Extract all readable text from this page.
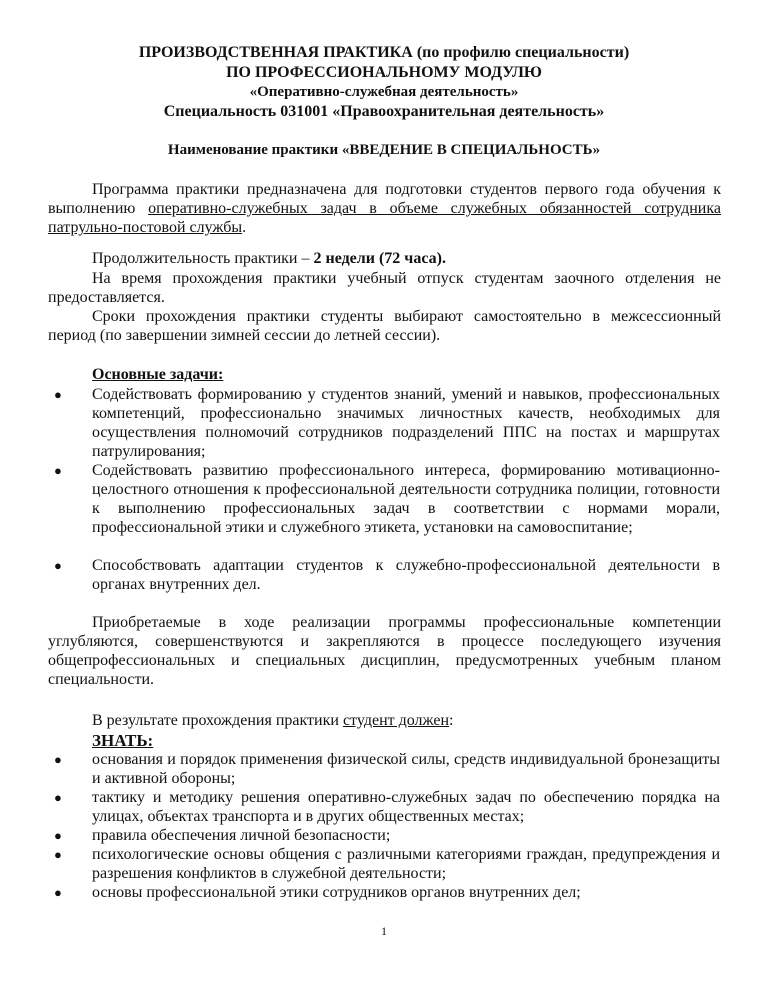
ПРОИЗВОДСТВЕННАЯ ПРАКТИКА (по профилю специальности)
ПО ПРОФЕССИОНАЛЬНОМУ МОДУЛЮ
«Оперативно-служебная деятельность»
Специальность 031001 «Правоохранительная деятельность»
Наименование практики «ВВЕДЕНИЕ В СПЕЦИАЛЬНОСТЬ»
Программа практики предназначена для подготовки студентов первого года обучения к выполнению оперативно-служебных задач в объеме служебных обязанностей сотрудника патрульно-постовой службы.
Продолжительность практики – 2 недели (72 часа).
На время прохождения практики учебный отпуск студентам заочного отделения не предоставляется.
Сроки прохождения практики студенты выбирают самостоятельно в межсессионный период (по завершении зимней сессии до летней сессии).
Основные задачи:
● Содействовать формированию у студентов знаний, умений и навыков, профессиональных компетенций, профессионально значимых личностных качеств, необходимых для осуществления полномочий сотрудников подразделений ППС на постах и маршрутах патрулирования;
● Содействовать развитию профессионального интереса, формированию мотивационно-целостного отношения к профессиональной деятельности сотрудника полиции, готовности к выполнению профессиональных задач в соответствии с нормами морали, профессиональной этики и служебного этикета, установки на самовоспитание;
● Способствовать адаптации студентов к служебно-профессиональной деятельности в органах внутренних дел.
Приобретаемые в ходе реализации программы профессиональные компетенции углубляются, совершенствуются и закрепляются в процессе последующего изучения общепрофессиональных и специальных дисциплин, предусмотренных учебным планом специальности.
В результате прохождения практики студент должен:
ЗНАТЬ:
● основания и порядок применения физической силы, средств индивидуальной бронезащиты и активной обороны;
● тактику и методику решения оперативно-служебных задач по обеспечению порядка на улицах, объектах транспорта и в других общественных местах;
● правила обеспечения личной безопасности;
● психологические основы общения с различными категориями граждан, предупреждения и разрешения конфликтов в служебной деятельности;
● основы профессиональной этики сотрудников органов внутренних дел;
1
